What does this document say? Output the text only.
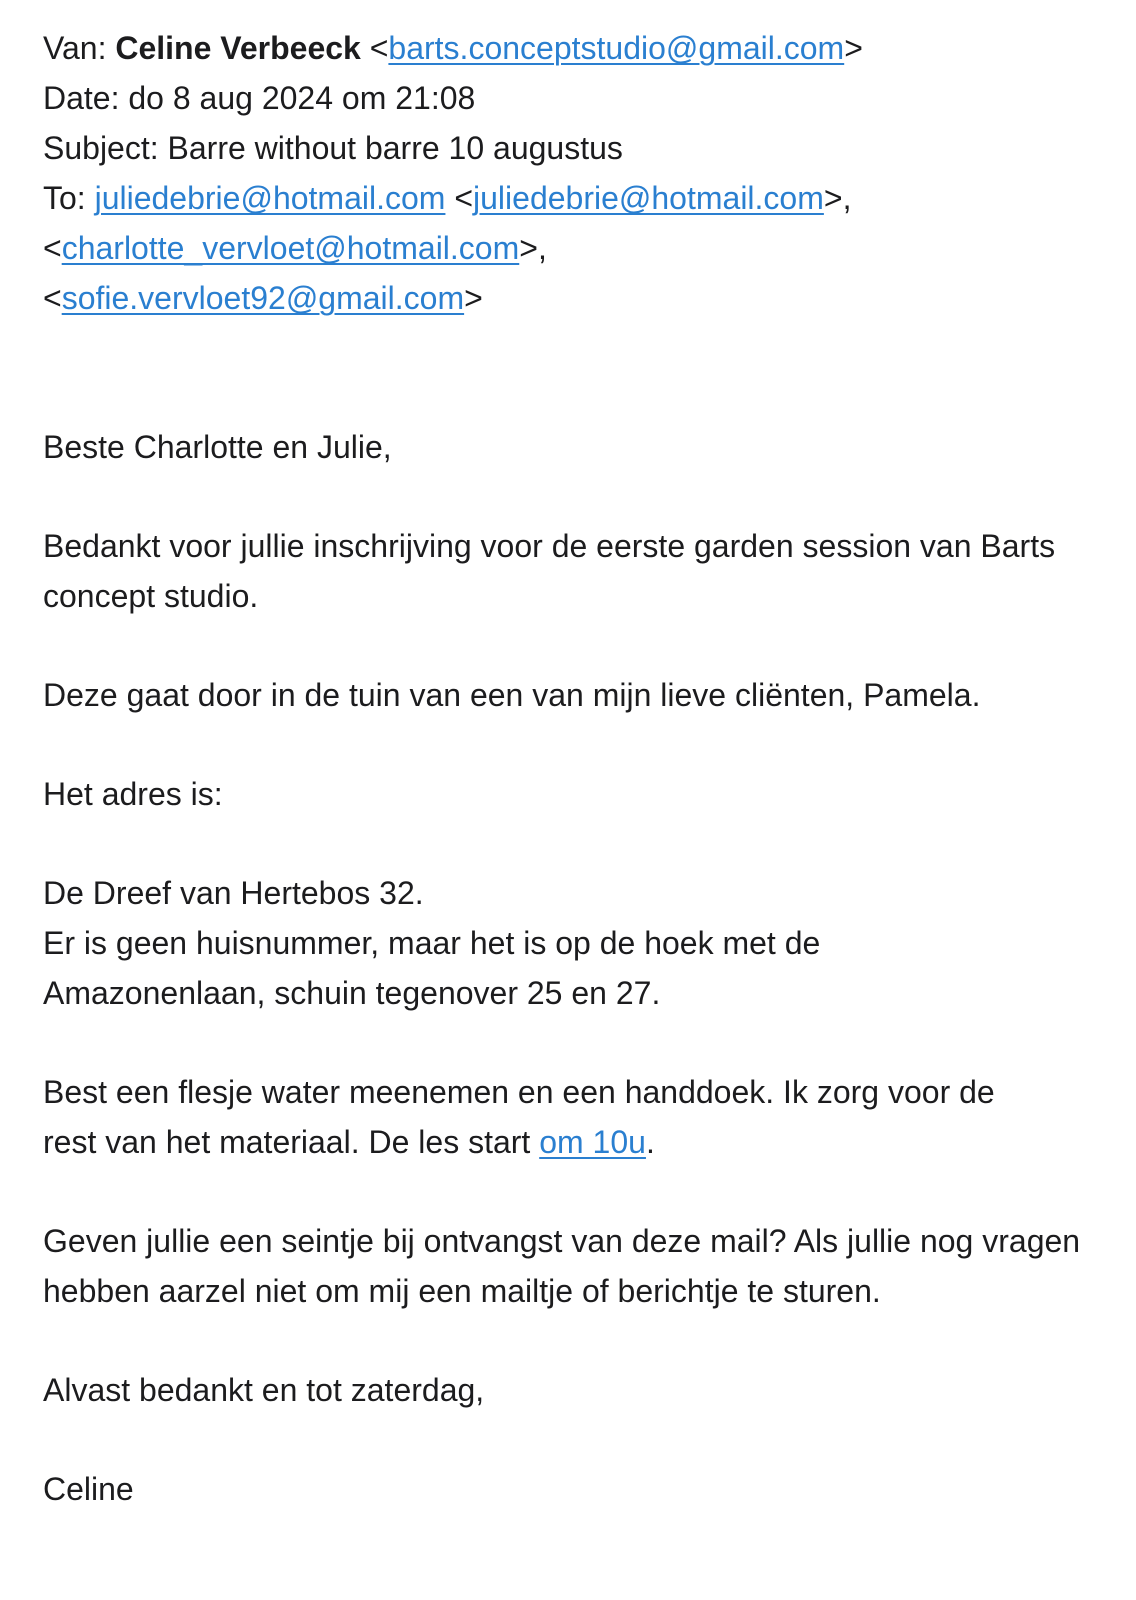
Van: Celine Verbeeck <barts.conceptstudio@gmail.com>
Date: do 8 aug 2024 om 21:08
Subject: Barre without barre 10 augustus
To: juliedebrie@hotmail.com <juliedebrie@hotmail.com>,
<charlotte_vervloet@hotmail.com>,
<sofie.vervloet92@gmail.com>
Beste Charlotte en Julie,
Bedankt voor jullie inschrijving voor de eerste garden session van Barts concept studio.
Deze gaat door in de tuin van een van mijn lieve cliënten, Pamela.
Het adres is:
De Dreef van Hertebos 32.
Er is geen huisnummer, maar het is op de hoek met de Amazonenlaan, schuin tegenover 25 en 27.
Best een flesje water meenemen en een handdoek. Ik zorg voor de rest van het materiaal. De les start om 10u.
Geven jullie een seintje bij ontvangst van deze mail? Als jullie nog vragen hebben aarzel niet om mij een mailtje of berichtje te sturen.
Alvast bedankt en tot zaterdag,
Celine
